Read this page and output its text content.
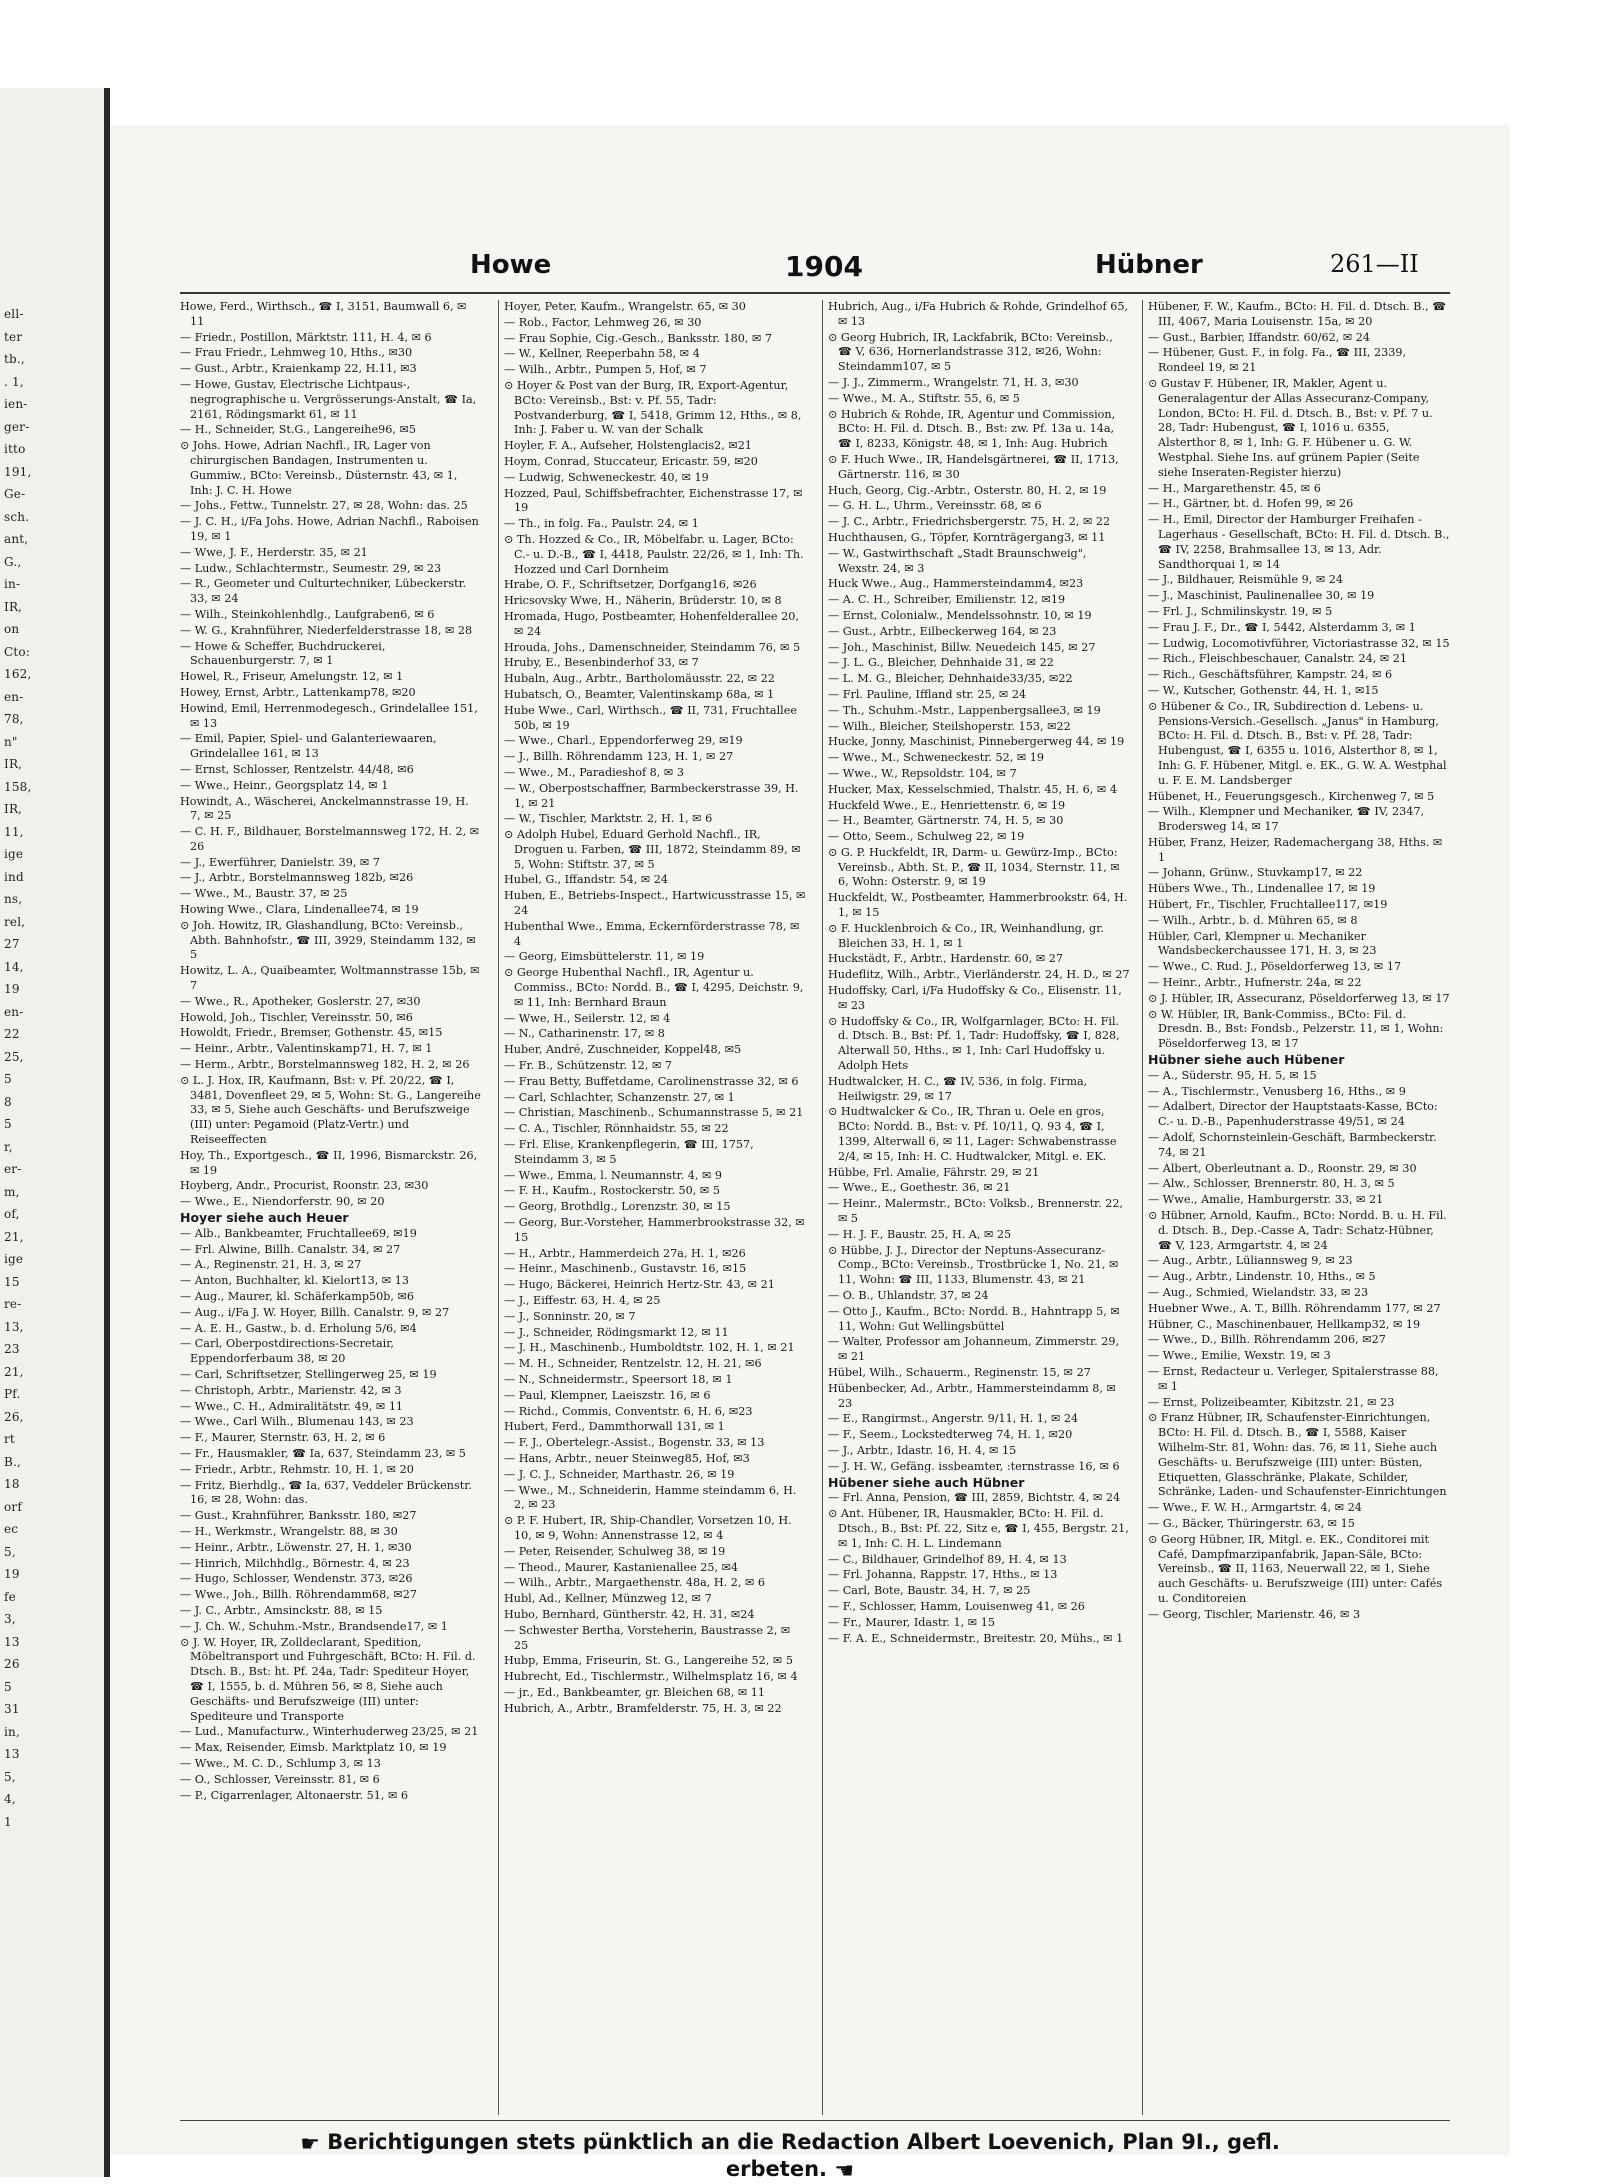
ell-
ter
tb.,
. 1,
ien-
ger-
itto
191,
Ge-
sch.
ant,
G.,
in-
IR,
on
Cto:
162,
en-
78,
n"
IR,
158,
IR,
11,
ige
ind
ns,
rel,
27
14,
19
en-
22
25,
5
8
5
r,
er-
m,
of,
21,
ige
15
re-
13,
23
21,
Pf.
26,
rt
B.,
18
orf
ec
5,
19
fe
3,
13
26
5
31
in,
13
5,
4,
1
Howe	1904	Hübner	261—II
Howe, Ferd., Wirthsch., ☎ I, 3151, Baumwall 6, ✉ 11
— Friedr., Postillon, Märktstr. 111, H. 4, ✉ 6
— Frau Friedr., Lehmweg 10, Hths., ✉30
— Gust., Arbtr., Kraienkamp 22, H.11, ✉3
— Howe, Gustav, Electrische Lichtpaus-, negrographische u. Vergrösserungs-Anstalt, ☎ Ia, 2161, Rödingsmarkt 61, ✉ 11
— H., Schneider, St.G., Langereihe96, ✉5
⊙ Johs. Howe, Adrian Nachfl., IR, Lager von chirurgischen Bandagen, Instrumenten u. Gummiw., BCto: Vereinsb., Düsternstr. 43, ✉ 1, Inh: J. C. H. Howe
— Johs., Fettw., Tunnelstr. 27, ✉ 28, Wohn: das. 25
— J. C. H., i/Fa Johs. Howe, Adrian Nachfl., Raboisen 19, ✉ 1
— Wwe, J. F., Herderstr. 35, ✉ 21
— Ludw., Schlachtermstr., Seumestr. 29, ✉ 23
— R., Geometer und Culturtechniker, Lübeckerstr. 33, ✉ 24
— Wilh., Steinkohlenhdlg., Laufgraben6, ✉ 6
— W. G., Krahnführer, Niederfelderstrasse 18, ✉ 28
— Howe & Scheffer, Buchdruckerei, Schauenburgerstr. 7, ✉ 1
Howel, R., Friseur, Amelungstr. 12, ✉ 1
Howey, Ernst, Arbtr., Lattenkamp78, ✉20
Howind, Emil, Herrenmodegesch., Grindelallee 151, ✉ 13
— Emil, Papier, Spiel- und Galanteriewaaren, Grindelallee 161, ✉ 13
— Ernst, Schlosser, Rentzelstr. 44/48, ✉6
— Wwe., Heinr., Georgsplatz 14, ✉ 1
Howindt, A., Wäscherei, Anckelmannstrasse 19, H. 7, ✉ 25
— C. H. F., Bildhauer, Borstelmannsweg 172, H. 2, ✉ 26
— J., Ewerführer, Danielstr. 39, ✉ 7
— J., Arbtr., Borstelmannsweg 182b, ✉26
— Wwe., M., Baustr. 37, ✉ 25
Howing Wwe., Clara, Lindenallee74, ✉ 19
⊙ Joh. Howitz, IR, Glashandlung, BCto: Vereinsb., Abth. Bahnhofstr., ☎ III, 3929, Steindamm 132, ✉ 5
Howitz, L. A., Quaibeamter, Woltmannstrasse 15b, ✉ 7
— Wwe., R., Apotheker, Goslerstr. 27, ✉30
Howold, Joh., Tischler, Vereinsstr. 50, ✉6
Howoldt, Friedr., Bremser, Gothenstr. 45, ✉15
— Heinr., Arbtr., Valentinskamp71, H. 7, ✉ 1
— Herm., Arbtr., Borstelmannsweg 182, H. 2, ✉ 26
⊙ L. J. Hox, IR, Kaufmann, Bst: v. Pf. 20/22, ☎ I, 3481, Dovenfleet 29, ✉ 5, Wohn: St. G., Langereihe 33, ✉ 5, Siehe auch Geschäfts- und Berufszweige (III) unter: Pegamoid (Platz-Vertr.) und Reiseeffecten
Hoy, Th., Exportgesch., ☎ II, 1996, Bismarckstr. 26, ✉ 19
Hoyberg, Andr., Procurist, Roonstr. 23, ✉30
— Wwe., E., Niendorferstr. 90, ✉ 20
Hoyer siehe auch Heuer
— Alb., Bankbeamter, Fruchtallee69, ✉19
— Frl. Alwine, Billh. Canalstr. 34, ✉ 27
— A., Reginenstr. 21, H. 3, ✉ 27
— Anton, Buchhalter, kl. Kielort13, ✉ 13
— Aug., Maurer, kl. Schäferkamp50b, ✉6
— Aug., i/Fa J. W. Hoyer, Billh. Canalstr. 9, ✉ 27
— A. E. H., Gastw., b. d. Erholung 5/6, ✉4
— Carl, Oberpostdirections-Secretair, Eppendorferbaum 38, ✉ 20
— Carl, Schriftsetzer, Stellingerweg 25, ✉ 19
— Christoph, Arbtr., Marienstr. 42, ✉ 3
— Wwe., C. H., Admiralitätstr. 49, ✉ 11
— Wwe., Carl Wilh., Blumenau 143, ✉ 23
— F., Maurer, Sternstr. 63, H. 2, ✉ 6
— Fr., Hausmakler, ☎ Ia, 637, Steindamm 23, ✉ 5
— Friedr., Arbtr., Rehmstr. 10, H. 1, ✉ 20
— Fritz, Bierhdlg., ☎ Ia, 637, Veddeler Brückenstr. 16, ✉ 28, Wohn: das.
— Gust., Krahnführer, Banksstr. 180, ✉27
— H., Werkmstr., Wrangelstr. 88, ✉ 30
— Heinr., Arbtr., Löwenstr. 27, H. 1, ✉30
— Hinrich, Milchhdlg., Börnestr. 4, ✉ 23
— Hugo, Schlosser, Wendenstr. 373, ✉26
— Wwe., Joh., Billh. Röhrendamm68, ✉27
— J. C., Arbtr., Amsinckstr. 88, ✉ 15
— J. Ch. W., Schuhm.-Mstr., Brandsende17, ✉ 1
⊙ J. W. Hoyer, IR, Zolldeclarant, Spedition, Möbeltransport und Fuhrgeschäft, BCto: H. Fil. d. Dtsch. B., Bst: ht. Pf. 24a, Tadr: Spediteur Hoyer, ☎ I, 1555, b. d. Mühren 56, ✉ 8, Siehe auch Geschäfts- und Berufszweige (III) unter: Spediteure und Transporte
— Lud., Manufacturw., Winterhuderweg 23/25, ✉ 21
— Max, Reisender, Eimsb. Marktplatz 10, ✉ 19
— Wwe., M. C. D., Schlump 3, ✉ 13
— O., Schlosser, Vereinsstr. 81, ✉ 6
— P., Cigarrenlager, Altonaerstr. 51, ✉ 6
Hoyer, Peter, Kaufm., Wrangelstr. 65, ✉ 30
— Rob., Factor, Lehmweg 26, ✉ 30
— Frau Sophie, Cig.-Gesch., Banksstr. 180, ✉ 7
— W., Kellner, Reeperbahn 58, ✉ 4
— Wilh., Arbtr., Pumpen 5, Hof, ✉ 7
⊙ Hoyer & Post van der Burg, IR, Export-Agentur, BCto: Vereinsb., Bst: v. Pf. 55, Tadr: Postvanderburg, ☎ I, 5418, Grimm 12, Hths., ✉ 8, Inh: J. Faber u. W. van der Schalk
Hoyler, F. A., Aufseher, Holstenglacis2, ✉21
Hoym, Conrad, Stuccateur, Ericastr. 59, ✉20
— Ludwig, Schweneckestr. 40, ✉ 19
Hozzed, Paul, Schiffsbefrachter, Eichenstrasse 17, ✉ 19
— Th., in folg. Fa., Paulstr. 24, ✉ 1
⊙ Th. Hozzed & Co., IR, Möbelfabr. u. Lager, BCto: C.- u. D.-B., ☎ I, 4418, Paulstr. 22/26, ✉ 1, Inh: Th. Hozzed und Carl Dornheim
Hrabe, O. F., Schriftsetzer, Dorfgang16, ✉26
Hricsovsky Wwe, H., Näherin, Brüderstr. 10, ✉ 8
Hromada, Hugo, Postbeamter, Hohenfelderallee 20, ✉ 24
Hrouda, Johs., Damenschneider, Steindamm 76, ✉ 5
Hruby, E., Besenbinderhof 33, ✉ 7
Hubaln, Aug., Arbtr., Bartholomäusstr. 22, ✉ 22
Hubatsch, O., Beamter, Valentinskamp 68a, ✉ 1
Hube Wwe., Carl, Wirthsch., ☎ II, 731, Fruchtallee 50b, ✉ 19
— Wwe., Charl., Eppendorferweg 29, ✉19
— J., Billh. Röhrendamm 123, H. 1, ✉ 27
— Wwe., M., Paradieshof 8, ✉ 3
— W., Oberpostschaffner, Barmbeckerstrasse 39, H. 1, ✉ 21
— W., Tischler, Marktstr. 2, H. 1, ✉ 6
⊙ Adolph Hubel, Eduard Gerhold Nachfl., IR, Droguen u. Farben, ☎ III, 1872, Steindamm 89, ✉ 5, Wohn: Stiftstr. 37, ✉ 5
Hubel, G., Iffandstr. 54, ✉ 24
Huben, E., Betriebs-Inspect., Hartwicusstrasse 15, ✉ 24
Hubenthal Wwe., Emma, Eckernförderstrasse 78, ✉ 4
— Georg, Eimsbüttelerstr. 11, ✉ 19
⊙ George Hubenthal Nachfl., IR, Agentur u. Commiss., BCto: Nordd. B., ☎ I, 4295, Deichstr. 9, ✉ 11, Inh: Bernhard Braun
— Wwe, H., Seilerstr. 12, ✉ 4
— N., Catharinenstr. 17, ✉ 8
Huber, André, Zuschneider, Koppel48, ✉5
— Fr. B., Schützenstr. 12, ✉ 7
— Frau Betty, Buffetdame, Carolinenstrasse 32, ✉ 6
— Carl, Schlachter, Schanzenstr. 27, ✉ 1
— Christian, Maschinenb., Schumannstrasse 5, ✉ 21
— C. A., Tischler, Rönnhaidstr. 55, ✉ 22
— Frl. Elise, Krankenpflegerin, ☎ III, 1757, Steindamm 3, ✉ 5
— Wwe., Emma, l. Neumannstr. 4, ✉ 9
— F. H., Kaufm., Rostockerstr. 50, ✉ 5
— Georg, Brothdlg., Lorenzstr. 30, ✉ 15
— Georg, Bur.-Vorsteher, Hammerbrookstrasse 32, ✉ 15
— H., Arbtr., Hammerdeich 27a, H. 1, ✉26
— Heinr., Maschinenb., Gustavstr. 16, ✉15
— Hugo, Bäckerei, Heinrich Hertz-Str. 43, ✉ 21
— J., Eiffestr. 63, H. 4, ✉ 25
— J., Sonninstr. 20, ✉ 7
— J., Schneider, Rödingsmarkt 12, ✉ 11
— J. H., Maschinenb., Humboldtstr. 102, H. 1, ✉ 21
— M. H., Schneider, Rentzelstr. 12, H. 21, ✉6
— N., Schneidermstr., Speersort 18, ✉ 1
— Paul, Klempner, Laeiszstr. 16, ✉ 6
— Richd., Commis, Conventstr. 6, H. 6, ✉23
Hubert, Ferd., Dammthorwall 131, ✉ 1
— F. J., Obertelegr.-Assist., Bogenstr. 33, ✉ 13
— Hans, Arbtr., neuer Steinweg85, Hof, ✉3
— J. C. J., Schneider, Marthastr. 26, ✉ 19
— Wwe., M., Schneiderin, Hamme steindamm 6, H. 2, ✉ 23
⊙ P. F. Hubert, IR, Ship-Chandler, Vorsetzen 10, H. 10, ✉ 9, Wohn: Annenstrasse 12, ✉ 4
— Peter, Reisender, Schulweg 38, ✉ 19
— Theod., Maurer, Kastanienallee 25, ✉4
— Wilh., Arbtr., Margaethenstr. 48a, H. 2, ✉ 6
Hubl, Ad., Kellner, Münzweg 12, ✉ 7
Hubo, Bernhard, Güntherstr. 42, H. 31, ✉24
— Schwester Bertha, Vorsteherin, Baustrasse 2, ✉ 25
Hubp, Emma, Friseurin, St. G., Langereihe 52, ✉ 5
Hubrecht, Ed., Tischlermstr., Wilhelmsplatz 16, ✉ 4
— jr., Ed., Bankbeamter, gr. Bleichen 68, ✉ 11
Hubrich, A., Arbtr., Bramfelderstr. 75, H. 3, ✉ 22
Hubrich, Aug., i/Fa Hubrich & Rohde, Grindelhof 65, ✉ 13
⊙ Georg Hubrich, IR, Lackfabrik, BCto: Vereinsb., ☎ V, 636, Hornerlandstrasse 312, ✉26, Wohn: Steindamm107, ✉ 5
— J. J., Zimmerm., Wrangelstr. 71, H. 3, ✉30
— Wwe., M. A., Stiftstr. 55, 6, ✉ 5
⊙ Hubrich & Rohde, IR, Agentur und Commission, BCto: H. Fil. d. Dtsch. B., Bst: zw. Pf. 13a u. 14a, ☎ I, 8233, Königstr. 48, ✉ 1, Inh: Aug. Hubrich
⊙ F. Huch Wwe., IR, Handelsgärtnerei, ☎ II, 1713, Gärtnerstr. 116, ✉ 30
Huch, Georg, Cig.-Arbtr., Osterstr. 80, H. 2, ✉ 19
— G. H. L., Uhrm., Vereinsstr. 68, ✉ 6
— J. C., Arbtr., Friedrichsbergerstr. 75, H. 2, ✉ 22
Huchthausen, G., Töpfer, Kornträgergang3, ✉ 11
— W., Gastwirthschaft „Stadt Braunschweig", Wexstr. 24, ✉ 3
Huck Wwe., Aug., Hammersteindamm4, ✉23
— A. C. H., Schreiber, Emilienstr. 12, ✉19
— Ernst, Colonialw., Mendelssohnstr. 10, ✉ 19
— Gust., Arbtr., Eilbeckerweg 164, ✉ 23
— Joh., Maschinist, Billw. Neuedeich 145, ✉ 27
— J. L. G., Bleicher, Dehnhaide 31, ✉ 22
— L. M. G., Bleicher, Dehnhaide33/35, ✉22
— Frl. Pauline, Iffland str. 25, ✉ 24
— Th., Schuhm.-Mstr., Lappenbergsallee3, ✉ 19
— Wilh., Bleicher, Steilshoperstr. 153, ✉22
Hucke, Jonny, Maschinist, Pinnebergerweg 44, ✉ 19
— Wwe., M., Schweneckestr. 52, ✉ 19
— Wwe., W., Repsoldstr. 104, ✉ 7
Hucker, Max, Kesselschmied, Thalstr. 45, H. 6, ✉ 4
Huckfeld Wwe., E., Henriettenstr. 6, ✉ 19
— H., Beamter, Gärtnerstr. 74, H. 5, ✉ 30
— Otto, Seem., Schulweg 22, ✉ 19
⊙ G. P. Huckfeldt, IR, Darm- u. Gewürz-Imp., BCto: Vereinsb., Abth. St. P., ☎ II, 1034, Sternstr. 11, ✉ 6, Wohn: Osterstr. 9, ✉ 19
Huckfeldt, W., Postbeamter, Hammerbrookstr. 64, H. 1, ✉ 15
⊙ F. Hucklenbroich & Co., IR, Weinhandlung, gr. Bleichen 33, H. 1, ✉ 1
Huckstädt, F., Arbtr., Hardenstr. 60, ✉ 27
Hudeflitz, Wilh., Arbtr., Vierländerstr. 24, H. D., ✉ 27
Hudoffsky, Carl, i/Fa Hudoffsky & Co., Elisenstr. 11, ✉ 23
⊙ Hudoffsky & Co., IR, Wolfgarnlager, BCto: H. Fil. d. Dtsch. B., Bst: Pf. 1, Tadr: Hudoffsky, ☎ I, 828, Alterwall 50, Hths., ✉ 1, Inh: Carl Hudoffsky u. Adolph Hets
Hudtwalcker, H. C., ☎ IV, 536, in folg. Firma, Heilwigstr. 29, ✉ 17
⊙ Hudtwalcker & Co., IR, Thran u. Oele en gros, BCto: Nordd. B., Bst: v. Pf. 10/11, Q. 93 4, ☎ I, 1399, Alterwall 6, ✉ 11, Lager: Schwabenstrasse 2/4, ✉ 15, Inh: H. C. Hudtwalcker, Mitgl. e. EK.
Hübbe, Frl. Amalie, Fährstr. 29, ✉ 21
— Wwe., E., Goethestr. 36, ✉ 21
— Heinr., Malermstr., BCto: Volksb., Brennerstr. 22, ✉ 5
— H. J. F., Baustr. 25, H. A, ✉ 25
⊙ Hübbe, J. J., Director der Neptuns-Assecuranz-Comp., BCto: Vereinsb., Trostbrücke 1, No. 21, ✉ 11, Wohn: ☎ III, 1133, Blumenstr. 43, ✉ 21
— O. B., Uhlandstr. 37, ✉ 24
— Otto J., Kaufm., BCto: Nordd. B., Hahntrapp 5, ✉ 11, Wohn: Gut Wellingsbüttel
— Walter, Professor am Johanneum, Zimmerstr. 29, ✉ 21
Hübel, Wilh., Schauerm., Reginenstr. 15, ✉ 27
Hübenbecker, Ad., Arbtr., Hammersteindamm 8, ✉ 23
— E., Rangirmst., Angerstr. 9/11, H. 1, ✉ 24
— F., Seem., Lockstedterweg 74, H. 1, ✉20
— J., Arbtr., Idastr. 16, H. 4, ✉ 15
— J. H. W., Gefäng. issbeamter, :ternstrasse 16, ✉ 6
Hübener siehe auch Hübner
— Frl. Anna, Pension, ☎ III, 2859, Bichtstr. 4, ✉ 24
⊙ Ant. Hübener, IR, Hausmakler, BCto: H. Fil. d. Dtsch., B., Bst: Pf. 22, Sitz e, ☎ I, 455, Bergstr. 21, ✉ 1, Inh: C. H. L. Lindemann
— C., Bildhauer, Grindelhof 89, H. 4, ✉ 13
— Frl. Johanna, Rappstr. 17, Hths., ✉ 13
— Carl, Bote, Baustr. 34, H. 7, ✉ 25
— F., Schlosser, Hamm, Louisenweg 41, ✉ 26
— Fr., Maurer, Idastr. 1, ✉ 15
— F. A. E., Schneidermstr., Breitestr. 20, Mühs., ✉ 1
Hübener, F. W., Kaufm., BCto: H. Fil. d. Dtsch. B., ☎ III, 4067, Maria Louisenstr. 15a, ✉ 20
— Gust., Barbier, Iffandstr. 60/62, ✉ 24
— Hübener, Gust. F., in folg. Fa., ☎ III, 2339, Rondeel 19, ✉ 21
⊙ Gustav F. Hübener, IR, Makler, Agent u. Generalagentur der Allas Assecuranz-Company, London, BCto: H. Fil. d. Dtsch. B., Bst: v. Pf. 7 u. 28, Tadr: Hubengust, ☎ I, 1016 u. 6355, Alsterthor 8, ✉ 1, Inh: G. F. Hübener u. G. W. Westphal. Siehe Ins. auf grünem Papier (Seite siehe Inseraten-Register hierzu)
— H., Margarethenstr. 45, ✉ 6
— H., Gärtner, bt. d. Hofen 99, ✉ 26
— H., Emil, Director der Hamburger Freihafen - Lagerhaus - Gesellschaft, BCto: H. Fil. d. Dtsch. B., ☎ IV, 2258, Brahmsallee 13, ✉ 13, Adr. Sandthorquai 1, ✉ 14
— J., Bildhauer, Reismühle 9, ✉ 24
— J., Maschinist, Paulinenallee 30, ✉ 19
— Frl. J., Schmilinskystr. 19, ✉ 5
— Frau J. F., Dr., ☎ I, 5442, Alsterdamm 3, ✉ 1
— Ludwig, Locomotivführer, Victoriastrasse 32, ✉ 15
— Rich., Fleischbeschauer, Canalstr. 24, ✉ 21
— Rich., Geschäftsführer, Kampstr. 24, ✉ 6
— W., Kutscher, Gothenstr. 44, H. 1, ✉15
⊙ Hübener & Co., IR, Subdirection d. Lebens- u. Pensions-Versich.-Gesellsch. „Janus" in Hamburg, BCto: H. Fil. d. Dtsch. B., Bst: v. Pf. 28, Tadr: Hubengust, ☎ I, 6355 u. 1016, Alsterthor 8, ✉ 1, Inh: G. F. Hübener, Mitgl. e. EK., G. W. A. Westphal u. F. E. M. Landsberger
Hübenet, H., Feuerungsgesch., Kirchenweg 7, ✉ 5
— Wilh., Klempner und Mechaniker, ☎ IV, 2347, Brodersweg 14, ✉ 17
Hüber, Franz, Heizer, Rademachergang 38, Hths. ✉ 1
— Johann, Grünw., Stuvkamp17, ✉ 22
Hübers Wwe., Th., Lindenallee 17, ✉ 19
Hübert, Fr., Tischler, Fruchtallee117, ✉19
— Wilh., Arbtr., b. d. Mühren 65, ✉ 8
Hübler, Carl, Klempner u. Mechaniker Wandsbeckerchaussee 171, H. 3, ✉ 23
— Wwe., C. Rud. J., Pöseldorferweg 13, ✉ 17
— Heinr., Arbtr., Hufnerstr. 24a, ✉ 22
⊙ J. Hübler, IR, Assecuranz, Pöseldorferweg 13, ✉ 17
⊙ W. Hübler, IR, Bank-Commiss., BCto: Fil. d. Dresdn. B., Bst: Fondsb., Pelzerstr. 11, ✉ 1, Wohn: Pöseldorferweg 13, ✉ 17
Hübner siehe auch Hübener
— A., Süderstr. 95, H. 5, ✉ 15
— A., Tischlermstr., Venusberg 16, Hths., ✉ 9
— Adalbert, Director der Hauptstaats-Kasse, BCto: C.- u. D.-B., Papenhuderstrasse 49/51, ✉ 24
— Adolf, Schornsteinlein-Geschäft, Barmbeckerstr. 74, ✉ 21
— Albert, Oberleutnant a. D., Roonstr. 29, ✉ 30
— Alw., Schlosser, Brennerstr. 80, H. 3, ✉ 5
— Wwe., Amalie, Hamburgerstr. 33, ✉ 21
⊙ Hübner, Arnold, Kaufm., BCto: Nordd. B. u. H. Fil. d. Dtsch. B., Dep.-Casse A, Tadr: Schatz-Hübner, ☎ V, 123, Armgartstr. 4, ✉ 24
— Aug., Arbtr., Lüliannsweg 9, ✉ 23
— Aug., Arbtr., Lindenstr. 10, Hths., ✉ 5
— Aug., Schmied, Wielandstr. 33, ✉ 23
Huebner Wwe., A. T., Billh. Röhrendamm 177, ✉ 27
Hübner, C., Maschinenbauer, Hellkamp32, ✉ 19
— Wwe., D., Billh. Röhrendamm 206, ✉27
— Wwe., Emilie, Wexstr. 19, ✉ 3
— Ernst, Redacteur u. Verleger, Spitalerstrasse 88, ✉ 1
— Ernst, Polizeibeamter, Kibitzstr. 21, ✉ 23
⊙ Franz Hübner, IR, Schaufenster-Einrichtungen, BCto: H. Fil. d. Dtsch. B., ☎ I, 5588, Kaiser Wilhelm-Str. 81, Wohn: das. 76, ✉ 11, Siehe auch Geschäfts- u. Berufszweige (III) unter: Büsten, Etiquetten, Glasschränke, Plakate, Schilder, Schränke, Laden- und Schaufenster-Einrichtungen
— Wwe., F. W. H., Armgartstr. 4, ✉ 24
— G., Bäcker, Thüringerstr. 63, ✉ 15
⊙ Georg Hübner, IR, Mitgl. e. EK., Conditorei mit Café, Dampfmarzipanfabrik, Japan-Säle, BCto: Vereinsb., ☎ II, 1163, Neuerwall 22, ✉ 1, Siehe auch Geschäfts- u. Berufszweige (III) unter: Cafés u. Conditoreien
— Georg, Tischler, Marienstr. 46, ✉ 3
☛ Berichtigungen stets pünktlich an die Redaction Albert Loevenich, Plan 9I., gefl. erbeten. ☚
